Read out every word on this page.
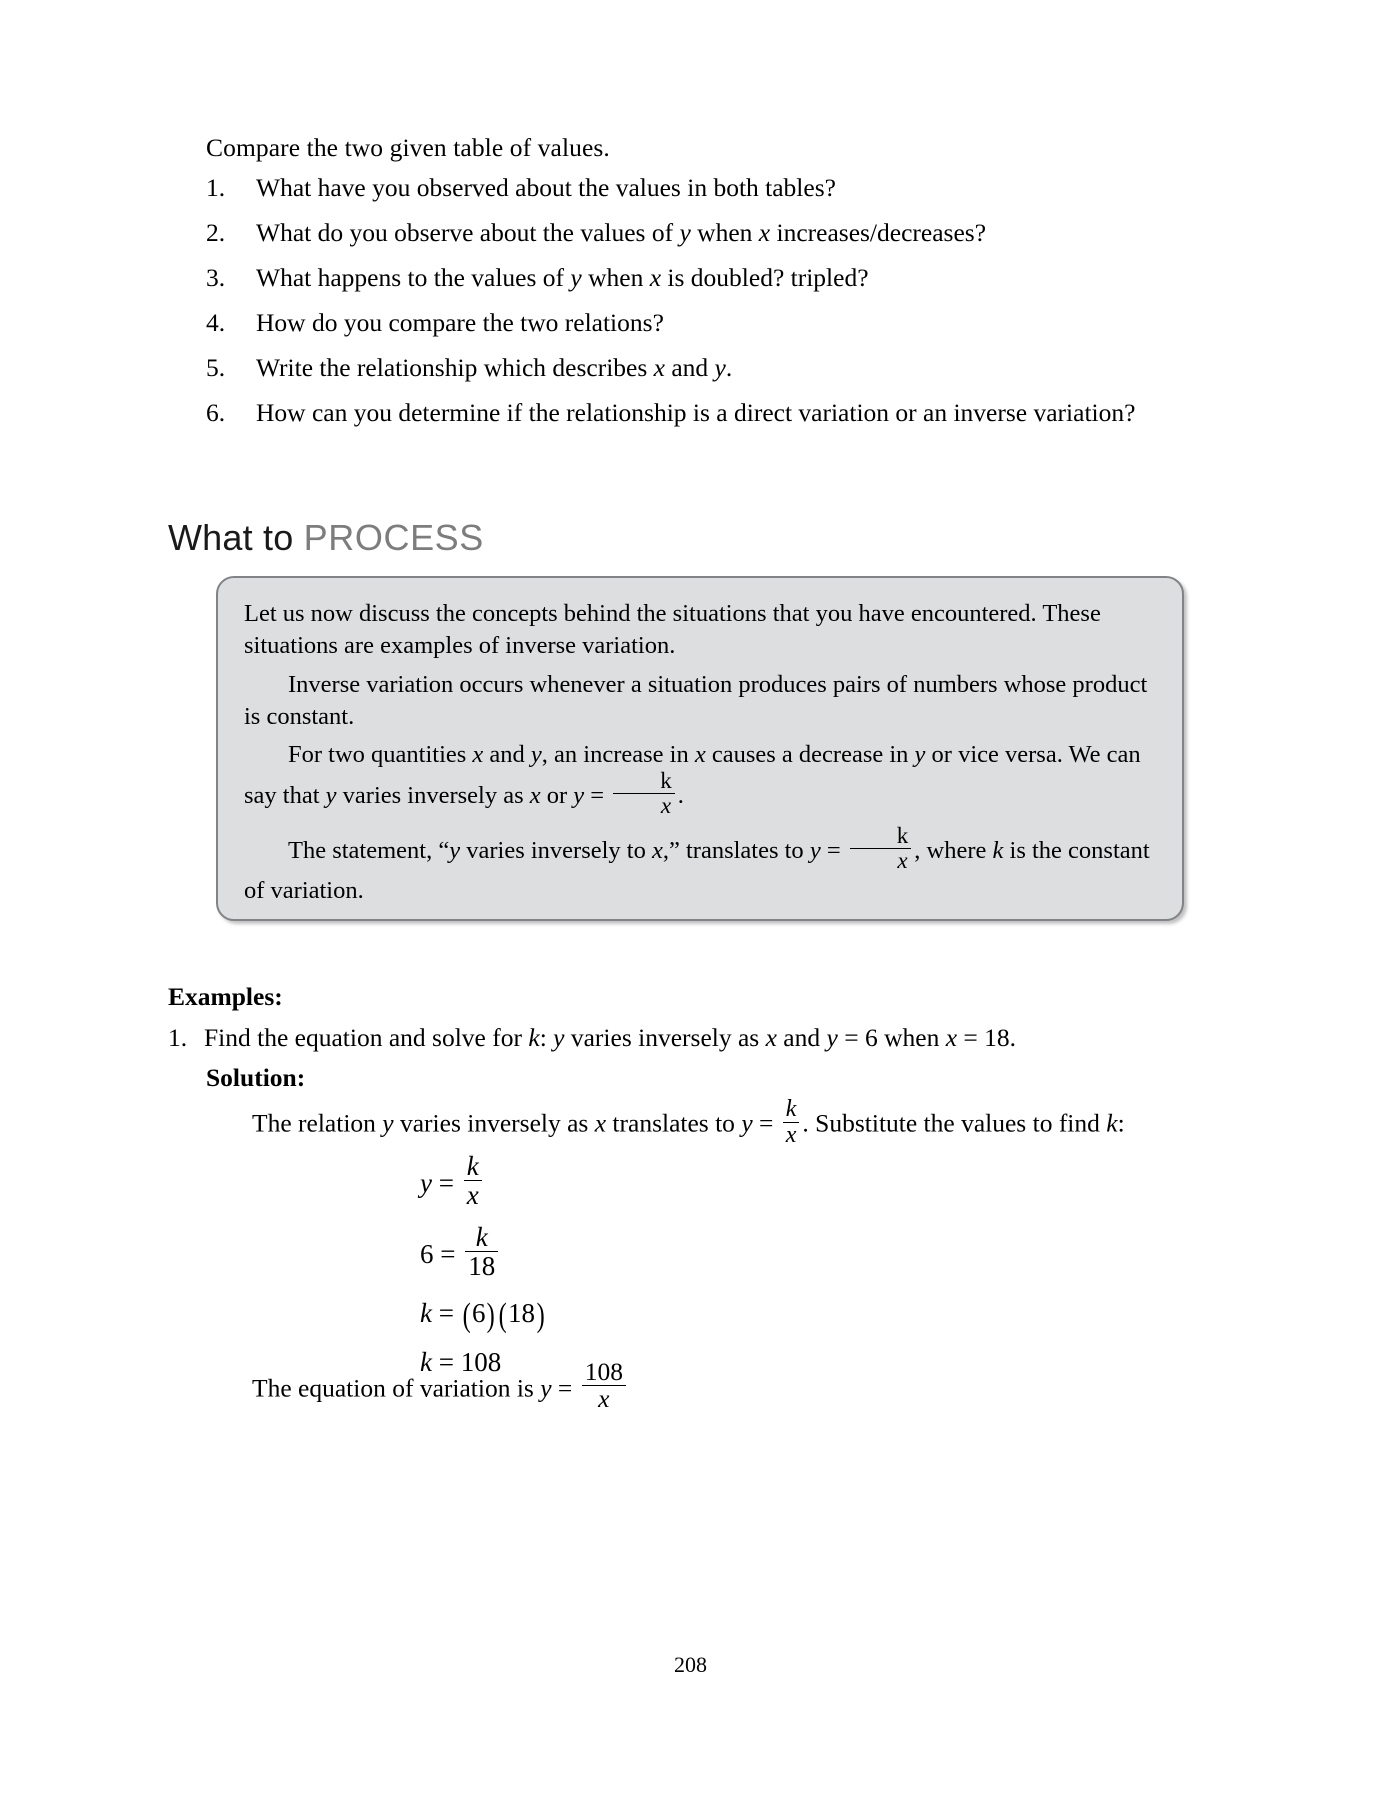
Compare the two given table of values.
1.	What have you observed about the values in both tables?
2.	What do you observe about the values of y when x increases/decreases?
3.	What happens to the values of y when x is doubled? tripled?
4.	How do you compare the two relations?
5.	Write the relationship which describes x and y.
6.	How can you determine if the relationship is a direct variation or an inverse variation?
What to PROCESS

Let us now discuss the concepts behind the situations that you have encountered. These situations are examples of inverse variation.

Inverse variation occurs whenever a situation produces pairs of numbers whose product is constant.

For two quantities x and y, an increase in x causes a decrease in y or vice versa. We can say that y varies inversely as x or $y = \frac{k}{x}$ .

The statement, “y varies inversely to x,” translates to $y = \frac{k}{x}$ , where k is the constant of variation.

Examples:
1. Find the equation and solve for k: y varies inversely as x and y = 6 when x = 18.
Solution:
The relation y varies inversely as x translates to $y = \frac{k}{x}$ . Substitute the values to find k:
$y = \frac{k}{x}$
$6 = \frac{k}{18}$
k = (6)(18)
k = 108
The equation of variation is $y = \frac{108}{x}$
208
